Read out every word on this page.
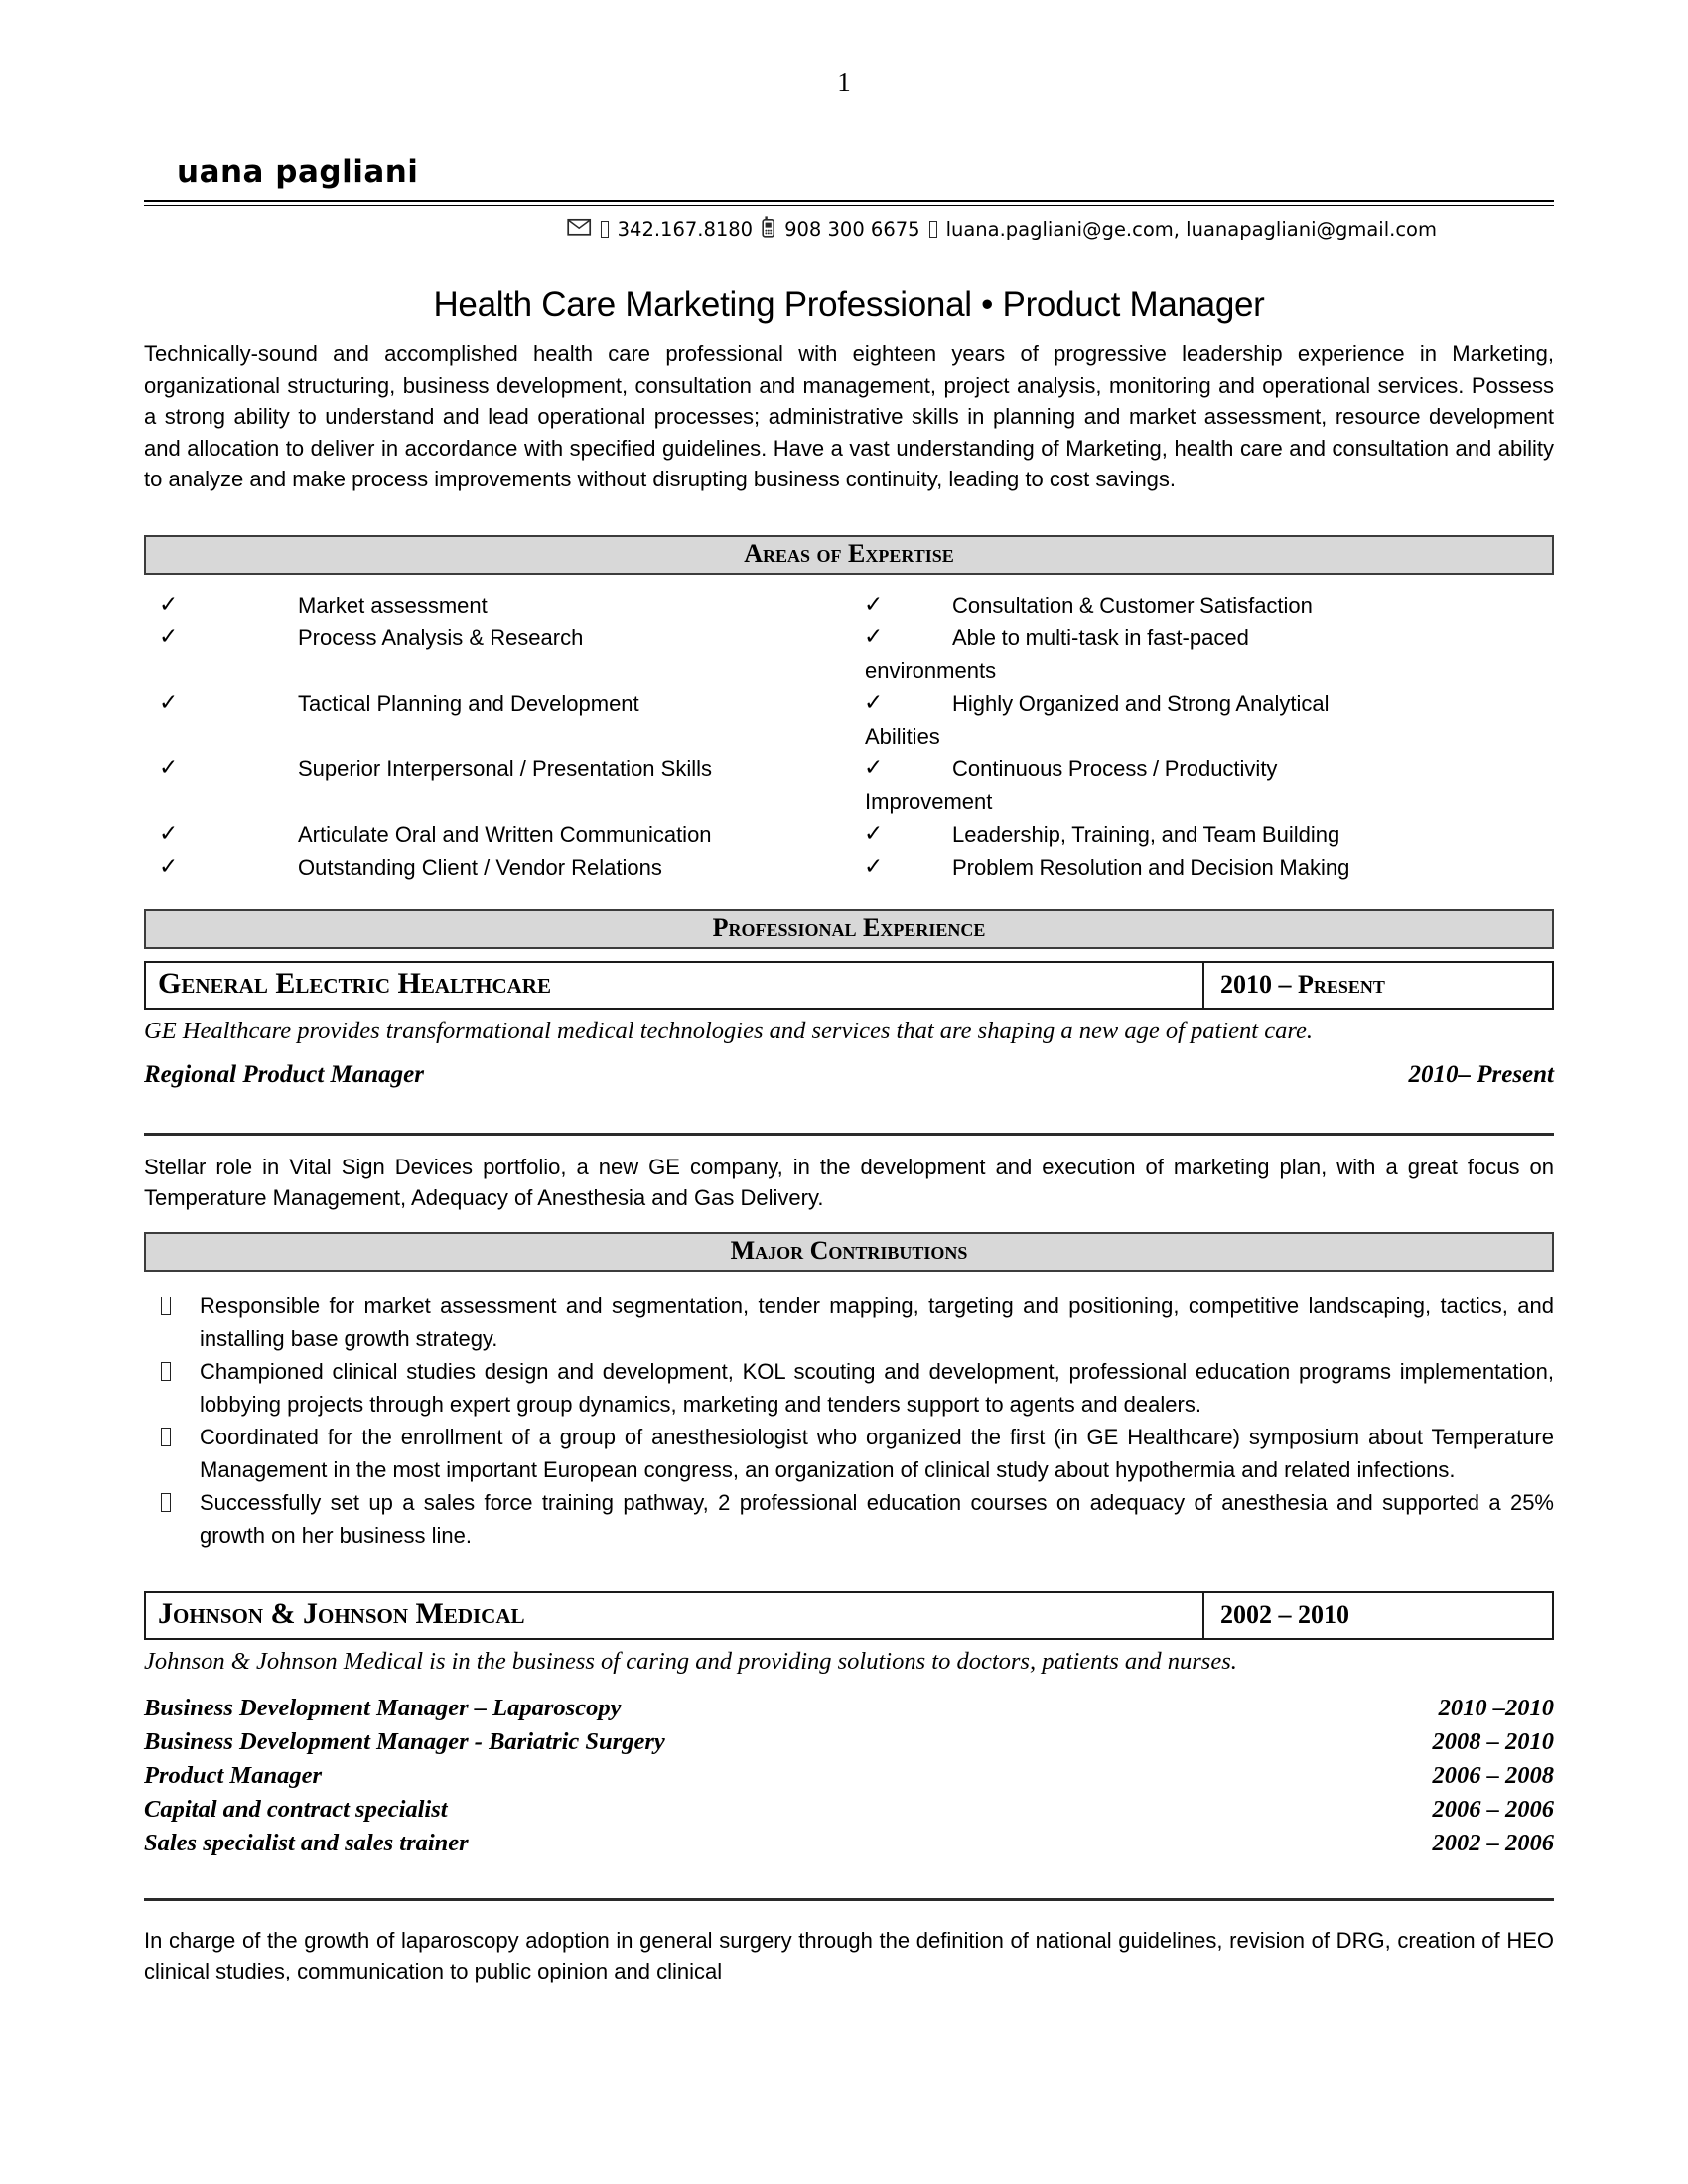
1
uana pagliani
342.167.8180 908 300 6675 luana.pagliani@ge.com, luanapagliani@gmail.com
Health Care Marketing Professional • Product Manager

Technically-sound and accomplished health care professional with eighteen years of progressive leadership experience in Marketing, organizational structuring, business development, consultation and management, project analysis, monitoring and operational services. Possess a strong ability to understand and lead operational processes; administrative skills in planning and market assessment, resource development and allocation to deliver in accordance with specified guidelines. Have a vast understanding of Marketing, health care and consultation and ability to analyze and make process improvements without disrupting business continuity, leading to cost savings.

Areas of Expertise
✓	Market assessment	✓	Consultation & Customer Satisfaction
✓	Process Analysis & Research	✓	Able to multi-task in fast-paced environments
✓	Tactical Planning and Development	✓	Highly Organized and Strong Analytical Abilities
✓	Superior Interpersonal / Presentation Skills	✓	Continuous Process / Productivity Improvement
✓	Articulate Oral and Written Communication	✓	Leadership, Training, and Team Building
✓	Outstanding Client / Vendor Relations	✓	Problem Resolution and Decision Making
Professional Experience
General Electric Healthcare	2010 – Present

GE Healthcare provides transformational medical technologies and services that are shaping a new age of patient care.

Regional Product Manager	2010– Present

Stellar role in Vital Sign Devices portfolio, a new GE company, in the development and execution of marketing plan, with a great focus on Temperature Management, Adequacy of Anesthesia and Gas Delivery.

Major Contributions
Responsible for market assessment and segmentation, tender mapping, targeting and positioning, competitive landscaping, tactics, and installing base growth strategy.
Championed clinical studies design and development, KOL scouting and development, professional education programs implementation, lobbying projects through expert group dynamics, marketing and tenders support to agents and dealers.
Coordinated for the enrollment of a group of anesthesiologist who organized the first (in GE Healthcare) symposium about Temperature Management in the most important European congress, an organization of clinical study about hypothermia and related infections.
Successfully set up a sales force training pathway, 2 professional education courses on adequacy of anesthesia and supported a 25% growth on her business line.
Johnson & Johnson Medical	2002 – 2010

Johnson & Johnson Medical is in the business of caring and providing solutions to doctors, patients and nurses.

Business Development Manager – Laparoscopy	2010 –2010
Business Development Manager - Bariatric Surgery	2008 – 2010
Product Manager	2006 – 2008
Capital and contract specialist	2006 – 2006
Sales specialist and sales trainer	2002 – 2006

In charge of the growth of laparoscopy adoption in general surgery through the definition of national guidelines, revision of DRG, creation of HEO clinical studies, communication to public opinion and clinical
